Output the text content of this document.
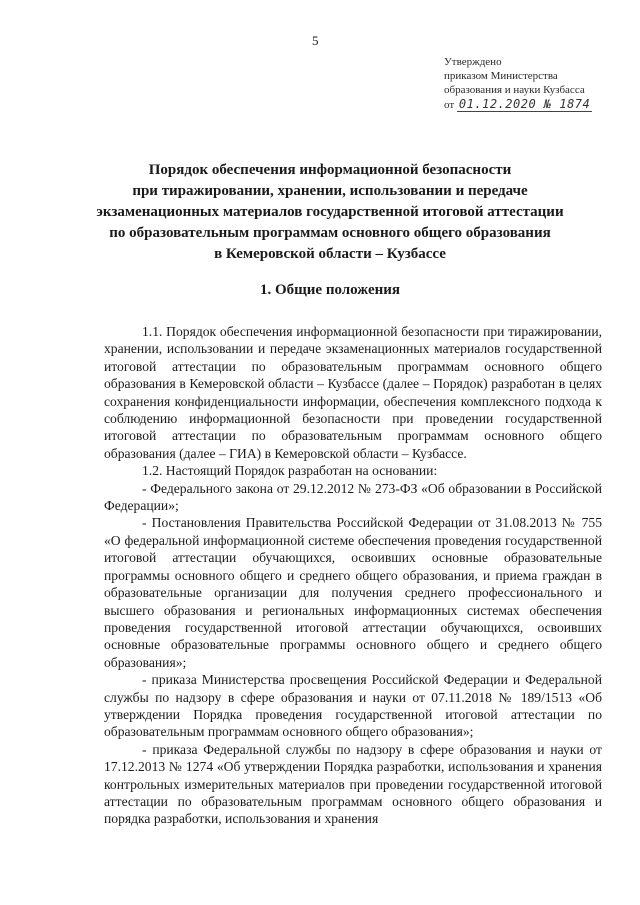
5
Утверждено
приказом Министерства
образования и науки Кузбасса
от 01.12.2020 № 1874
Порядок обеспечения информационной безопасности
при тиражировании, хранении, использовании и передаче
экзаменационных материалов государственной итоговой аттестации
по образовательным программам основного общего образования
в Кемеровской области – Кузбассе
1. Общие положения

1.1. Порядок обеспечения информационной безопасности при тиражировании, хранении, использовании и передаче экзаменационных материалов государственной итоговой аттестации по образовательным программам основного общего образования в Кемеровской области – Кузбассе (далее – Порядок) разработан в целях сохранения конфиденциальности информации, обеспечения комплексного подхода к соблюдению информационной безопасности при проведении государственной итоговой аттестации по образовательным программам основного общего образования (далее – ГИА) в Кемеровской области – Кузбассе.

1.2. Настоящий Порядок разработан на основании:

- Федерального закона от 29.12.2012 № 273-ФЗ «Об образовании в Российской Федерации»;

- Постановления Правительства Российской Федерации от 31.08.2013 № 755 «О федеральной информационной системе обеспечения проведения государственной итоговой аттестации обучающихся, освоивших основные образовательные программы основного общего и среднего общего образования, и приема граждан в образовательные организации для получения среднего профессионального и высшего образования и региональных информационных системах обеспечения проведения государственной итоговой аттестации обучающихся, освоивших основные образовательные программы основного общего и среднего общего образования»;

- приказа Министерства просвещения Российской Федерации и Федеральной службы по надзору в сфере образования и науки от 07.11.2018 № 189/1513 «Об утверждении Порядка проведения государственной итоговой аттестации по образовательным программам основного общего образования»;

- приказа Федеральной службы по надзору в сфере образования и науки от 17.12.2013 № 1274 «Об утверждении Порядка разработки, использования и хранения контрольных измерительных материалов при проведении государственной итоговой аттестации по образовательным программам основного общего образования и порядка разработки, использования и хранения
